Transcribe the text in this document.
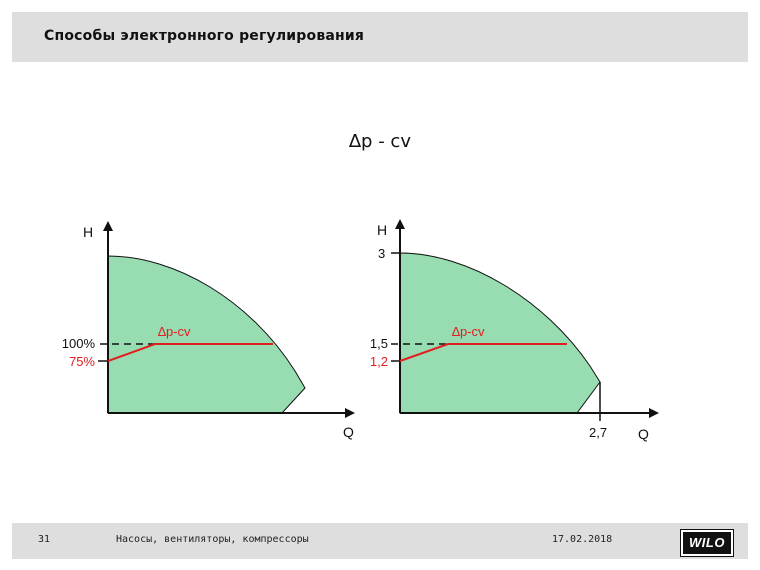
Способы электронного регулирования
∆p - cv
H
Q
∆p-cv
100%
75%
H
3
∆p-cv
1,5
1,2
2,7 Q
31	Насосы, вентиляторы, компрессоры	17.02.2018	WILO
